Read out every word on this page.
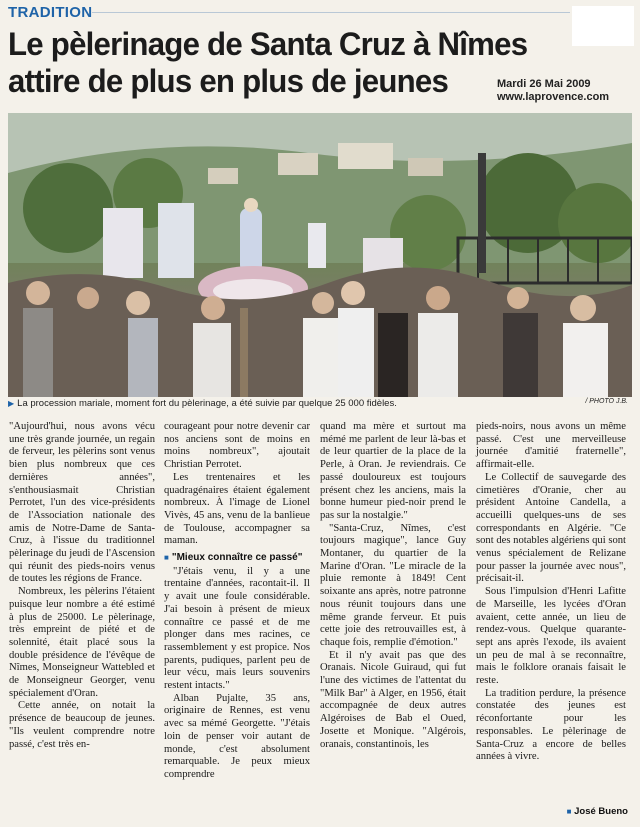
TRADITION
Le pèlerinage de Santa Cruz à Nîmes
attire de plus en plus de jeunes	Mardi 26 Mai 2009
www.laprovence.com
▶ La procession mariale, moment fort du pèlerinage, a été suivie par quelque 25 000 fidèles.	/ PHOTO J.B.

"Aujourd'hui, nous avons vécu une très grande journée, un regain de ferveur, les pèlerins sont venus bien plus nombreux que ces dernières années", s'enthousiasmait Christian Perrotet, l'un des vice-présidents de l'Association nationale des amis de Notre-Dame de Santa-Cruz, à l'issue du traditionnel pèlerinage du jeudi de l'Ascension qui réunit des pieds-noirs venus de toutes les régions de France.

Nombreux, les pèlerins l'étaient puisque leur nombre a été estimé à plus de 25000. Le pèlerinage, très empreint de piété et de solennité, était placé sous la double présidence de l'évêque de Nîmes, Monseigneur Wattebled et de Monseigneur Georger, venu spécialement d'Oran.

Cette année, on notait la présence de beaucoup de jeunes. "Ils veulent comprendre notre passé, c'est très en-

courageant pour notre devenir car nos anciens sont de moins en moins nombreux", ajoutait Christian Perrotet.

Les trentenaires et les quadragénaires étaient également nombreux. À l'image de Lionel Vivès, 45 ans, venu de la banlieue de Toulouse, accompagner sa maman.

■ "Mieux connaître ce passé"

"J'étais venu, il y a une trentaine d'années, racontait-il. Il y avait une foule considérable. J'ai besoin à présent de mieux connaître ce passé et de me plonger dans mes racines, ce rassemblement y est propice. Nos parents, pudiques, parlent peu de leur vécu, mais leurs souvenirs restent intacts."

Alban Pujalte, 35 ans, originaire de Rennes, est venu avec sa mémé Georgette. "J'étais loin de penser voir autant de monde, c'est absolument remarquable. Je peux mieux comprendre

quand ma mère et surtout ma mémé me parlent de leur là-bas et de leur quartier de la place de la Perle, à Oran. Je reviendrais. Ce passé douloureux est toujours présent chez les anciens, mais la bonne humeur pied-noir prend le pas sur la nostalgie."

"Santa-Cruz, Nîmes, c'est toujours magique", lance Guy Montaner, du quartier de la Marine d'Oran. "Le miracle de la pluie remonte à 1849! Cent soixante ans après, notre patronne nous réunit toujours dans une même grande ferveur. Et puis cette joie des retrouvailles est, à chaque fois, remplie d'émotion."

Et il n'y avait pas que des Oranais. Nicole Guiraud, qui fut l'une des victimes de l'attentat du "Milk Bar" à Alger, en 1956, était accompagnée de deux autres Algéroises de Bab el Oued, Josette et Monique. "Algérois, oranais, constantinois, les

pieds-noirs, nous avons un même passé. C'est une merveilleuse journée d'amitié fraternelle", affirmait-elle.

Le Collectif de sauvegarde des cimetières d'Oranie, cher au président Antoine Candella, a accueilli quelques-uns de ses correspondants en Algérie. "Ce sont des notables algériens qui sont venus spécialement de Relizane pour passer la journée avec nous", précisait-il.

Sous l'impulsion d'Henri Lafitte de Marseille, les lycées d'Oran avaient, cette année, un lieu de rendez-vous. Quelque quarante-sept ans après l'exode, ils avaient un peu de mal à se reconnaître, mais le folklore oranais faisait le reste.

La tradition perdure, la présence constatée des jeunes est réconfortante pour les responsables. Le pèlerinage de Santa-Cruz a encore de belles années à vivre.

■ José Bueno
